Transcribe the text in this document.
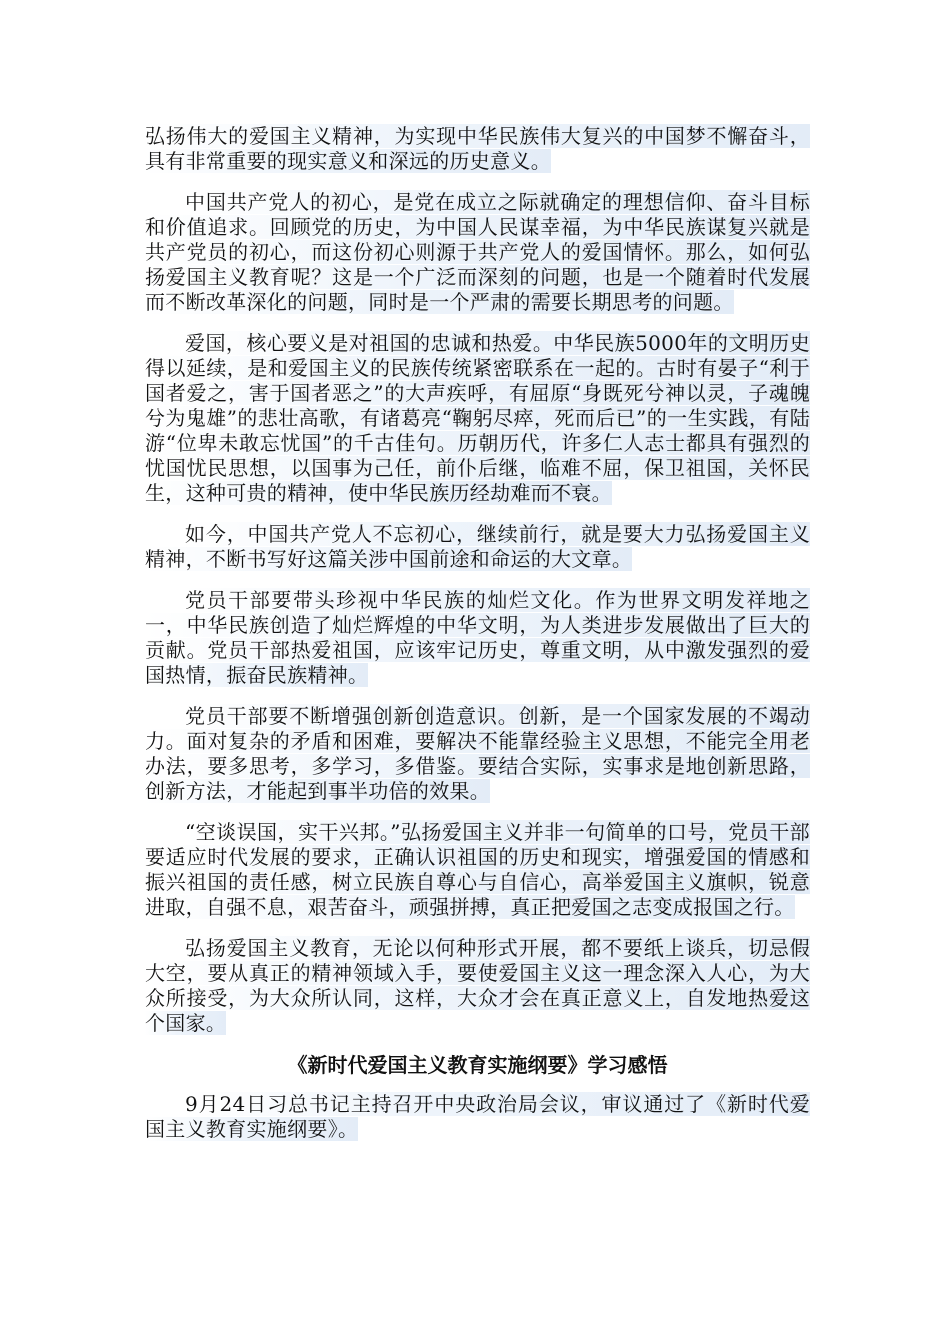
弘扬伟大的爱国主义精神，为实现中华民族伟大复兴的中国梦不懈奋斗，具有非常重要的现实意义和深远的历史意义。

中国共产党人的初心，是党在成立之际就确定的理想信仰、奋斗目标和价值追求。回顾党的历史，为中国人民谋幸福，为中华民族谋复兴就是共产党员的初心，而这份初心则源于共产党人的爱国情怀。那么，如何弘扬爱国主义教育呢？这是一个广泛而深刻的问题，也是一个随着时代发展而不断改革深化的问题，同时是一个严肃的需要长期思考的问题。

爱国，核心要义是对祖国的忠诚和热爱。中华民族5000年的文明历史得以延续，是和爱国主义的民族传统紧密联系在一起的。古时有晏子“利于国者爱之，害于国者恶之”的大声疾呼，有屈原“身既死兮神以灵，子魂魄兮为鬼雄”的悲壮高歌，有诸葛亮“鞠躬尽瘁，死而后已”的一生实践，有陆游“位卑未敢忘忧国”的千古佳句。历朝历代，许多仁人志士都具有强烈的忧国忧民思想，以国事为己任，前仆后继，临难不屈，保卫祖国，关怀民生，这种可贵的精神，使中华民族历经劫难而不衰。

如今，中国共产党人不忘初心，继续前行，就是要大力弘扬爱国主义精神，不断书写好这篇关涉中国前途和命运的大文章。

党员干部要带头珍视中华民族的灿烂文化。作为世界文明发祥地之一，中华民族创造了灿烂辉煌的中华文明，为人类进步发展做出了巨大的贡献。党员干部热爱祖国，应该牢记历史，尊重文明，从中激发强烈的爱国热情，振奋民族精神。

党员干部要不断增强创新创造意识。创新，是一个国家发展的不竭动力。面对复杂的矛盾和困难，要解决不能靠经验主义思想，不能完全用老办法，要多思考，多学习，多借鉴。要结合实际，实事求是地创新思路，创新方法，才能起到事半功倍的效果。

“空谈误国，实干兴邦。”弘扬爱国主义并非一句简单的口号，党员干部要适应时代发展的要求，正确认识祖国的历史和现实，增强爱国的情感和振兴祖国的责任感，树立民族自尊心与自信心，高举爱国主义旗帜，锐意进取，自强不息，艰苦奋斗，顽强拼搏，真正把爱国之志变成报国之行。

弘扬爱国主义教育，无论以何种形式开展，都不要纸上谈兵，切忌假大空，要从真正的精神领域入手，要使爱国主义这一理念深入人心，为大众所接受，为大众所认同，这样，大众才会在真正意义上，自发地热爱这个国家。

《新时代爱国主义教育实施纲要》学习感悟

9月24日习总书记主持召开中央政治局会议，审议通过了《新时代爱国主义教育实施纲要》。
